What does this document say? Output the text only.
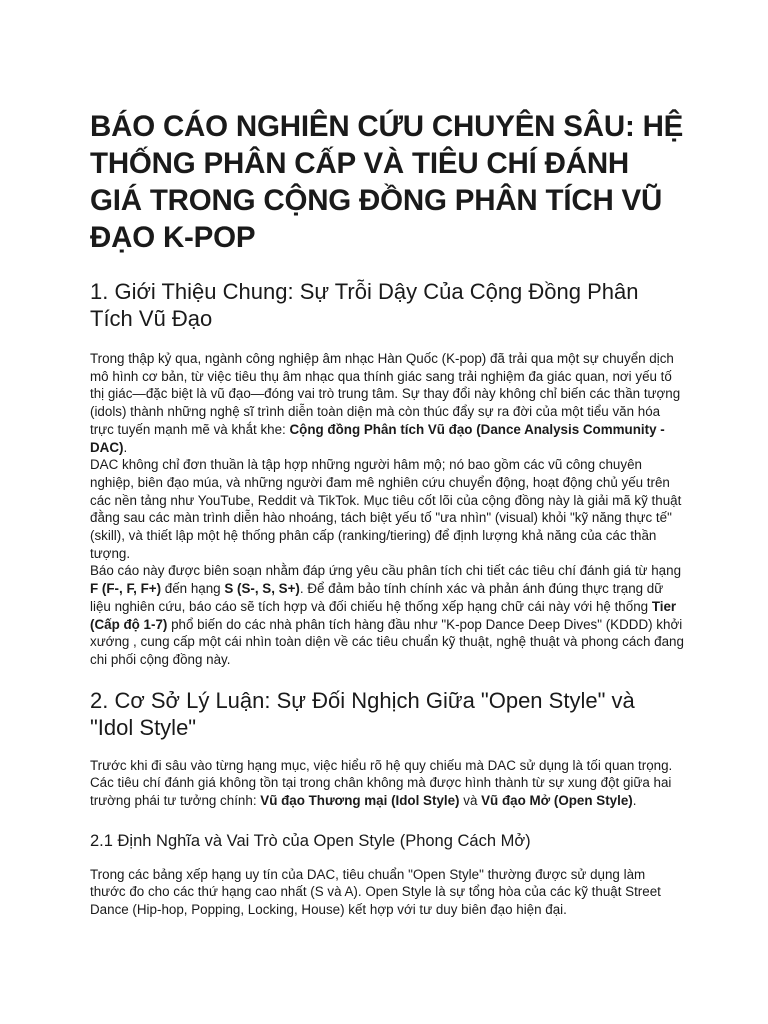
BÁO CÁO NGHIÊN CỨU CHUYÊN SÂU: HỆ THỐNG PHÂN CẤP VÀ TIÊU CHÍ ĐÁNH GIÁ TRONG CỘNG ĐỒNG PHÂN TÍCH VŨ ĐẠO K-POP
1. Giới Thiệu Chung: Sự Trỗi Dậy Của Cộng Đồng Phân Tích Vũ Đạo

Trong thập kỷ qua, ngành công nghiệp âm nhạc Hàn Quốc (K-pop) đã trải qua một sự chuyển dịch mô hình cơ bản, từ việc tiêu thụ âm nhạc qua thính giác sang trải nghiệm đa giác quan, nơi yếu tố thị giác—đặc biệt là vũ đạo—đóng vai trò trung tâm. Sự thay đổi này không chỉ biến các thần tượng (idols) thành những nghệ sĩ trình diễn toàn diện mà còn thúc đẩy sự ra đời của một tiểu văn hóa trực tuyến mạnh mẽ và khắt khe: Cộng đồng Phân tích Vũ đạo (Dance Analysis Community - DAC).

DAC không chỉ đơn thuần là tập hợp những người hâm mộ; nó bao gồm các vũ công chuyên nghiệp, biên đạo múa, và những người đam mê nghiên cứu chuyển động, hoạt động chủ yếu trên các nền tảng như YouTube, Reddit và TikTok. Mục tiêu cốt lõi của cộng đồng này là giải mã kỹ thuật đằng sau các màn trình diễn hào nhoáng, tách biệt yếu tố "ưa nhìn" (visual) khỏi "kỹ năng thực tế" (skill), và thiết lập một hệ thống phân cấp (ranking/tiering) để định lượng khả năng của các thần tượng.

Báo cáo này được biên soạn nhằm đáp ứng yêu cầu phân tích chi tiết các tiêu chí đánh giá từ hạng F (F-, F, F+) đến hạng S (S-, S, S+). Để đảm bảo tính chính xác và phản ánh đúng thực trạng dữ liệu nghiên cứu, báo cáo sẽ tích hợp và đối chiếu hệ thống xếp hạng chữ cái này với hệ thống Tier (Cấp độ 1-7) phổ biến do các nhà phân tích hàng đầu như "K-pop Dance Deep Dives" (KDDD) khởi xướng , cung cấp một cái nhìn toàn diện về các tiêu chuẩn kỹ thuật, nghệ thuật và phong cách đang chi phối cộng đồng này.

2. Cơ Sở Lý Luận: Sự Đối Nghịch Giữa "Open Style" và "Idol Style"

Trước khi đi sâu vào từng hạng mục, việc hiểu rõ hệ quy chiếu mà DAC sử dụng là tối quan trọng. Các tiêu chí đánh giá không tồn tại trong chân không mà được hình thành từ sự xung đột giữa hai trường phái tư tưởng chính: Vũ đạo Thương mại (Idol Style) và Vũ đạo Mở (Open Style).

2.1 Định Nghĩa và Vai Trò của Open Style (Phong Cách Mở)

Trong các bảng xếp hạng uy tín của DAC, tiêu chuẩn "Open Style" thường được sử dụng làm thước đo cho các thứ hạng cao nhất (S và A). Open Style là sự tổng hòa của các kỹ thuật Street Dance (Hip-hop, Popping, Locking, House) kết hợp với tư duy biên đạo hiện đại.
